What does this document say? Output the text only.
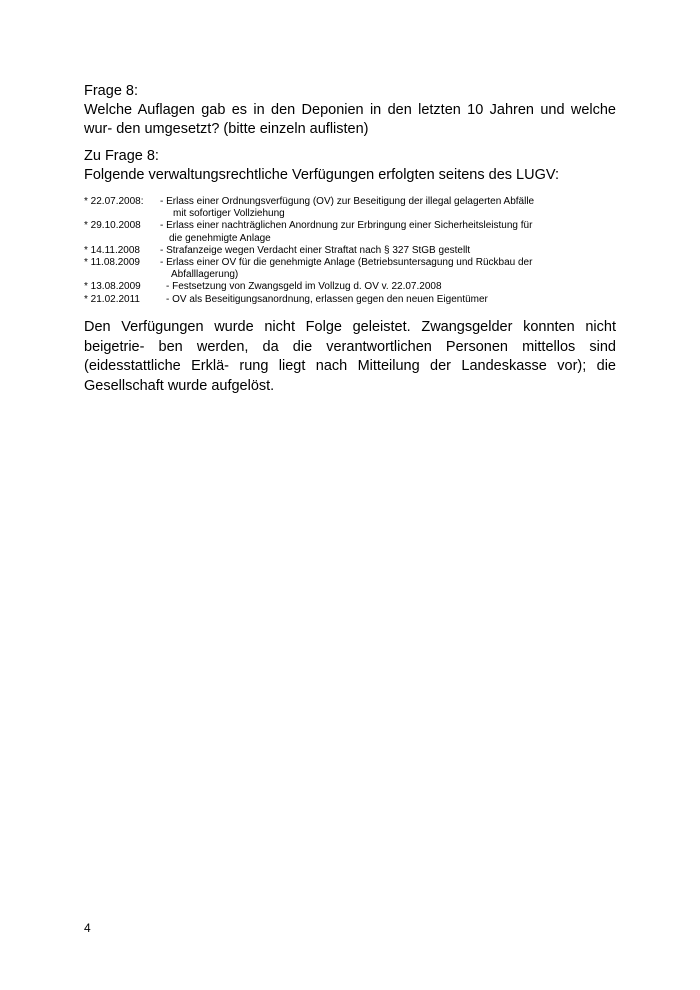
Frage 8:

Welche Auflagen gab es in den Deponien in den letzten 10 Jahren und welche wur- den umgesetzt? (bitte einzeln auflisten)

Zu Frage 8:

Folgende verwaltungsrechtliche Verfügungen erfolgten seitens des LUGV:

* 22.07.2008:	- Erlass einer Ordnungsverfügung (OV) zur Beseitigung der illegal gelagerten Abfälle
mit sofortiger Vollziehung
* 29.10.2008	- Erlass einer nachträglichen Anordnung zur Erbringung einer Sicherheitsleistung für
die genehmigte Anlage
* 14.11.2008	- Strafanzeige wegen Verdacht einer Straftat nach § 327 StGB gestellt
* 11.08.2009	- Erlass einer OV für die genehmigte Anlage (Betriebsuntersagung und Rückbau der
Abfalllagerung)
* 13.08.2009	- Festsetzung von Zwangsgeld im Vollzug d. OV v. 22.07.2008
* 21.02.2011	- OV als Beseitigungsanordnung, erlassen gegen den neuen Eigentümer

Den Verfügungen wurde nicht Folge geleistet. Zwangsgelder konnten nicht beigetrie- ben werden, da die verantwortlichen Personen mittellos sind (eidesstattliche Erklä- rung liegt nach Mitteilung der Landeskasse vor); die Gesellschaft wurde aufgelöst.

4
